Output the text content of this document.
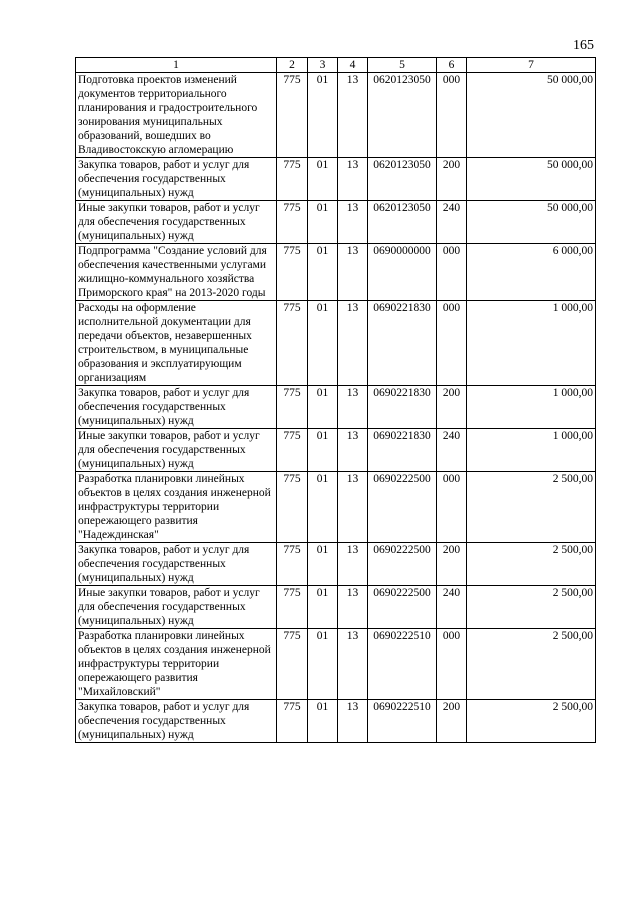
165
1	2	3	4	5	6	7
Подготовка проектов изменений документов территориального планирования и градостроительного зонирования муниципальных образований, вошедших во Владивостокскую агломерацию	775	01	13	0620123050	000	50 000,00
Закупка товаров, работ и услуг для обеспечения государственных (муниципальных) нужд	775	01	13	0620123050	200	50 000,00
Иные закупки товаров, работ и услуг для обеспечения государственных (муниципальных) нужд	775	01	13	0620123050	240	50 000,00
Подпрограмма "Создание условий для обеспечения качественными услугами жилищно-коммунального хозяйства Приморского края" на 2013-2020 годы	775	01	13	0690000000	000	6 000,00
Расходы на оформление исполнительной документации для передачи объектов, незавершенных строительством, в муниципальные образования и эксплуатирующим организациям	775	01	13	0690221830	000	1 000,00
Закупка товаров, работ и услуг для обеспечения государственных (муниципальных) нужд	775	01	13	0690221830	200	1 000,00
Иные закупки товаров, работ и услуг для обеспечения государственных (муниципальных) нужд	775	01	13	0690221830	240	1 000,00
Разработка планировки линейных объектов в целях создания инженерной инфраструктуры территории опережающего развития "Надеждинская"	775	01	13	0690222500	000	2 500,00
Закупка товаров, работ и услуг для обеспечения государственных (муниципальных) нужд	775	01	13	0690222500	200	2 500,00
Иные закупки товаров, работ и услуг для обеспечения государственных (муниципальных) нужд	775	01	13	0690222500	240	2 500,00
Разработка планировки линейных объектов в целях создания инженерной инфраструктуры территории опережающего развития "Михайловский"	775	01	13	0690222510	000	2 500,00
Закупка товаров, работ и услуг для обеспечения государственных (муниципальных) нужд	775	01	13	0690222510	200	2 500,00
